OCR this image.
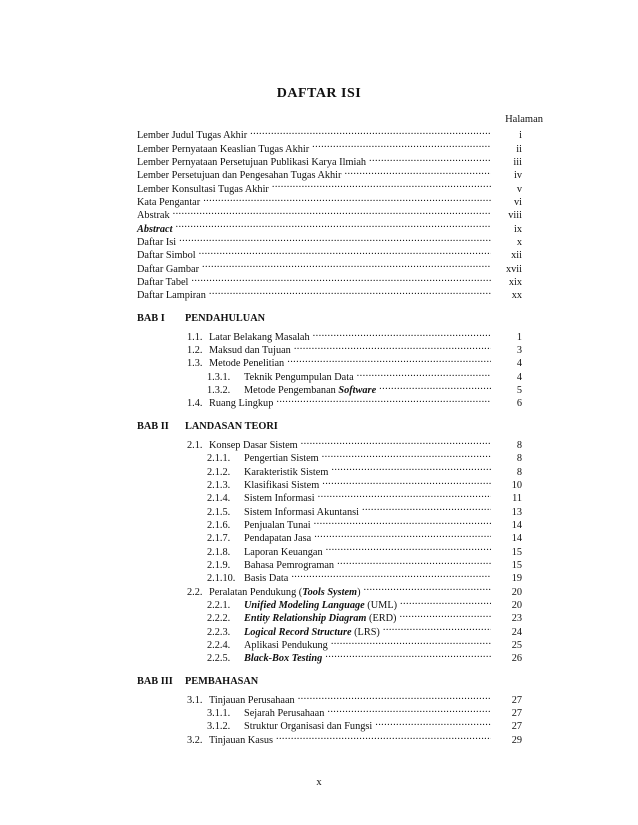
DAFTAR ISI
Halaman
Lember Judul Tugas Akhir .....	i
Lember Pernyataan Keaslian Tugas Akhir .....	ii
Lember Pernyataan Persetujuan Publikasi Karya Ilmiah .....	iii
Lember Persetujuan dan Pengesahan Tugas Akhir .....	iv
Lember Konsultasi Tugas Akhir .....	v
Kata Pengantar .....	vi
Abstrak .....	viii
Abstract .....	ix
Daftar Isi .....	x
Daftar Simbol .....	xii
Daftar Gambar .....	xvii
Daftar Tabel .....	xix
Daftar Lampiran .....	xx
BAB I	PENDAHULUAN
1.1. Latar Belakang Masalah .....	1
1.2. Maksud dan Tujuan .....	3
1.3. Metode Penelitian .....	4
1.3.1.	Teknik Pengumpulan Data .....	4
1.3.2.	Metode Pengembanan Software .....	5
1.4. Ruang Lingkup .....	6
BAB II	LANDASAN TEORI
2.1. Konsep Dasar Sistem .....	8
2.1.1.	Pengertian Sistem .....	8
2.1.2.	Karakteristik Sistem .....	8
2.1.3.	Klasifikasi Sistem .....	10
2.1.4.	Sistem Informasi .....	11
2.1.5.	Sistem Informasi Akuntansi .....	13
2.1.6.	Penjualan Tunai .....	14
2.1.7.	Pendapatan Jasa .....	14
2.1.8.	Laporan Keuangan .....	15
2.1.9.	Bahasa Pemrograman .....	15
2.1.10. Basis Data .....	19
2.2. Peralatan Pendukung (Tools System) .....	20
2.2.1.	Unified Modeling Language (UML) .....	20
2.2.2.	Entity Relationship Diagram (ERD) .....	23
2.2.3.	Logical Record Structure (LRS) .....	24
2.2.4.	Aplikasi Pendukung .....	25
2.2.5.	Black-Box Testing .....	26
BAB III	PEMBAHASAN
3.1. Tinjauan Perusahaan .....	27
3.1.1.	Sejarah Perusahaan .....	27
3.1.2.	Struktur Organisasi dan Fungsi .....	27
3.2. Tinjauan Kasus .....	29
x
